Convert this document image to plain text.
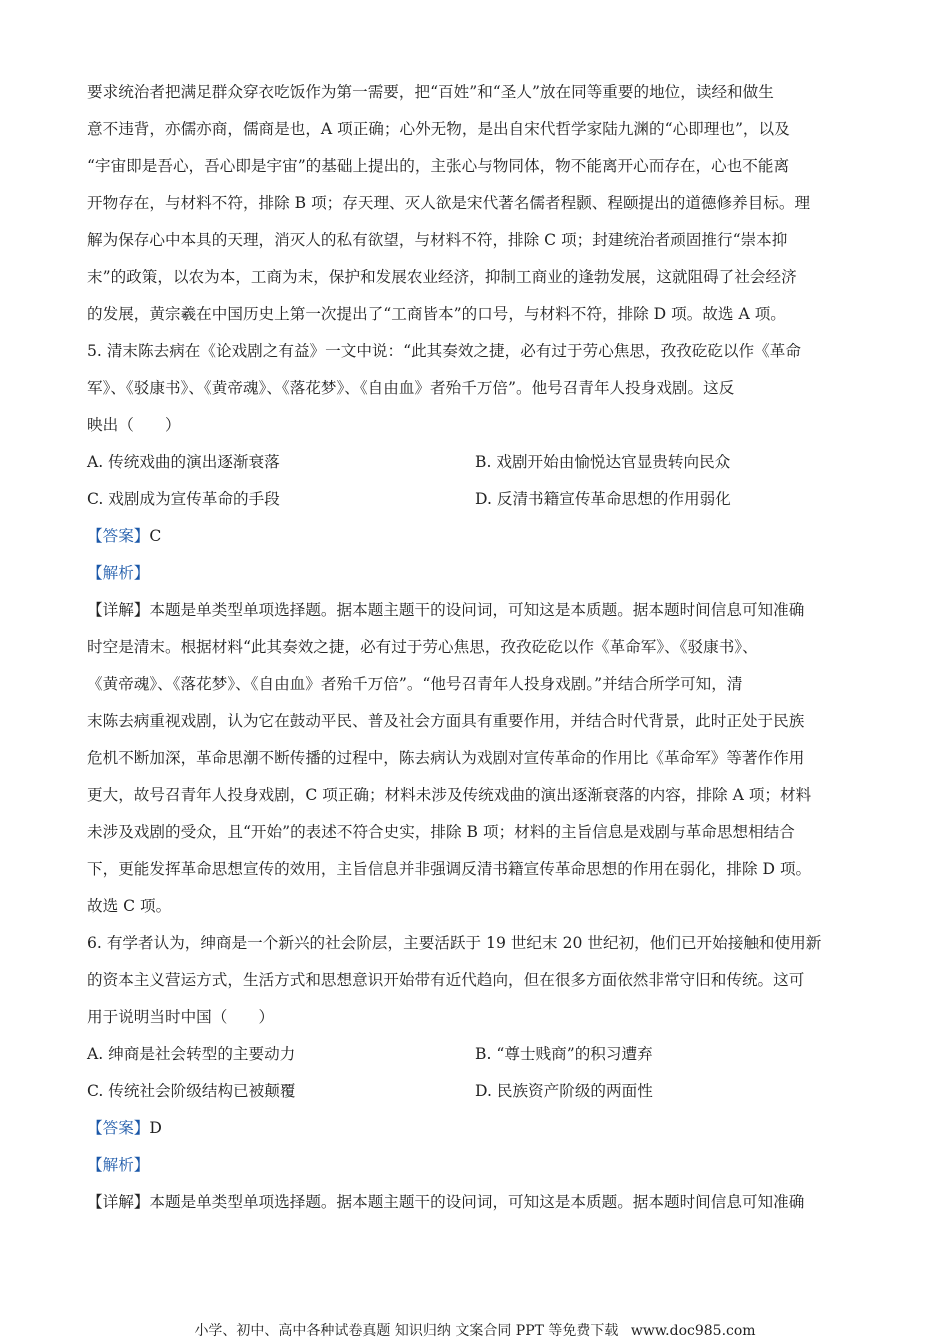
要求统治者把满足群众穿衣吃饭作为第一需要，把“百姓”和“圣人”放在同等重要的地位，读经和做生

意不违背，亦儒亦商，儒商是也，A 项正确；心外无物，是出自宋代哲学家陆九渊的“心即理也”，以及

“宇宙即是吾心，吾心即是宇宙”的基础上提出的，主张心与物同体，物不能离开心而存在，心也不能离

开物存在，与材料不符，排除 B 项；存天理、灭人欲是宋代著名儒者程颢、程颐提出的道德修养目标。理

解为保存心中本具的天理，消灭人的私有欲望，与材料不符，排除 C 项；封建统治者顽固推行“崇本抑

末”的政策，以农为本，工商为末，保护和发展农业经济，抑制工商业的逢勃发展，这就阻碍了社会经济

的发展，黄宗羲在中国历史上第一次提出了“工商皆本”的口号，与材料不符，排除 D 项。故选 A 项。

5. 清末陈去病在《论戏剧之有益》一文中说：“此其奏效之捷，必有过于劳心焦思，孜孜矻矻以作《革命

军》、《驳康书》、《黄帝魂》、《落花梦》、《自由血》者殆千万倍”。他号召青年人投身戏剧。这反

映出（　　）

A. 传统戏曲的演出逐渐衰落	B. 戏剧开始由愉悦达官显贵转向民众
C. 戏剧成为宣传革命的手段	D. 反清书籍宣传革命思想的作用弱化

【答案】C

【解析】

【详解】本题是单类型单项选择题。据本题主题干的设问词，可知这是本质题。据本题时间信息可知准确

时空是清末。根据材料“此其奏效之捷，必有过于劳心焦思，孜孜矻矻以作《革命军》、《驳康书》、

《黄帝魂》、《落花梦》、《自由血》者殆千万倍”。“他号召青年人投身戏剧。”并结合所学可知，清

末陈去病重视戏剧，认为它在鼓动平民、普及社会方面具有重要作用，并结合时代背景，此时正处于民族

危机不断加深，革命思潮不断传播的过程中，陈去病认为戏剧对宣传革命的作用比《革命军》等著作作用

更大，故号召青年人投身戏剧，C 项正确；材料未涉及传统戏曲的演出逐渐衰落的内容，排除 A 项；材料

未涉及戏剧的受众，且“开始”的表述不符合史实，排除 B 项；材料的主旨信息是戏剧与革命思想相结合

下，更能发挥革命思想宣传的效用，主旨信息并非强调反清书籍宣传革命思想的作用在弱化，排除 D 项。

故选 C 项。

6. 有学者认为，绅商是一个新兴的社会阶层，主要活跃于 19 世纪末 20 世纪初，他们已开始接触和使用新

的资本主义营运方式，生活方式和思想意识开始带有近代趋向，但在很多方面依然非常守旧和传统。这可

用于说明当时中国（　　）

A. 绅商是社会转型的主要动力	B. “尊士贱商”的积习遭弃
C. 传统社会阶级结构已被颠覆	D. 民族资产阶级的两面性

【答案】D

【解析】

【详解】本题是单类型单项选择题。据本题主题干的设问词，可知这是本质题。据本题时间信息可知准确

小学、初中、高中各种试卷真题 知识归纳 文案合同 PPT 等免费下载 www.doc985.com
